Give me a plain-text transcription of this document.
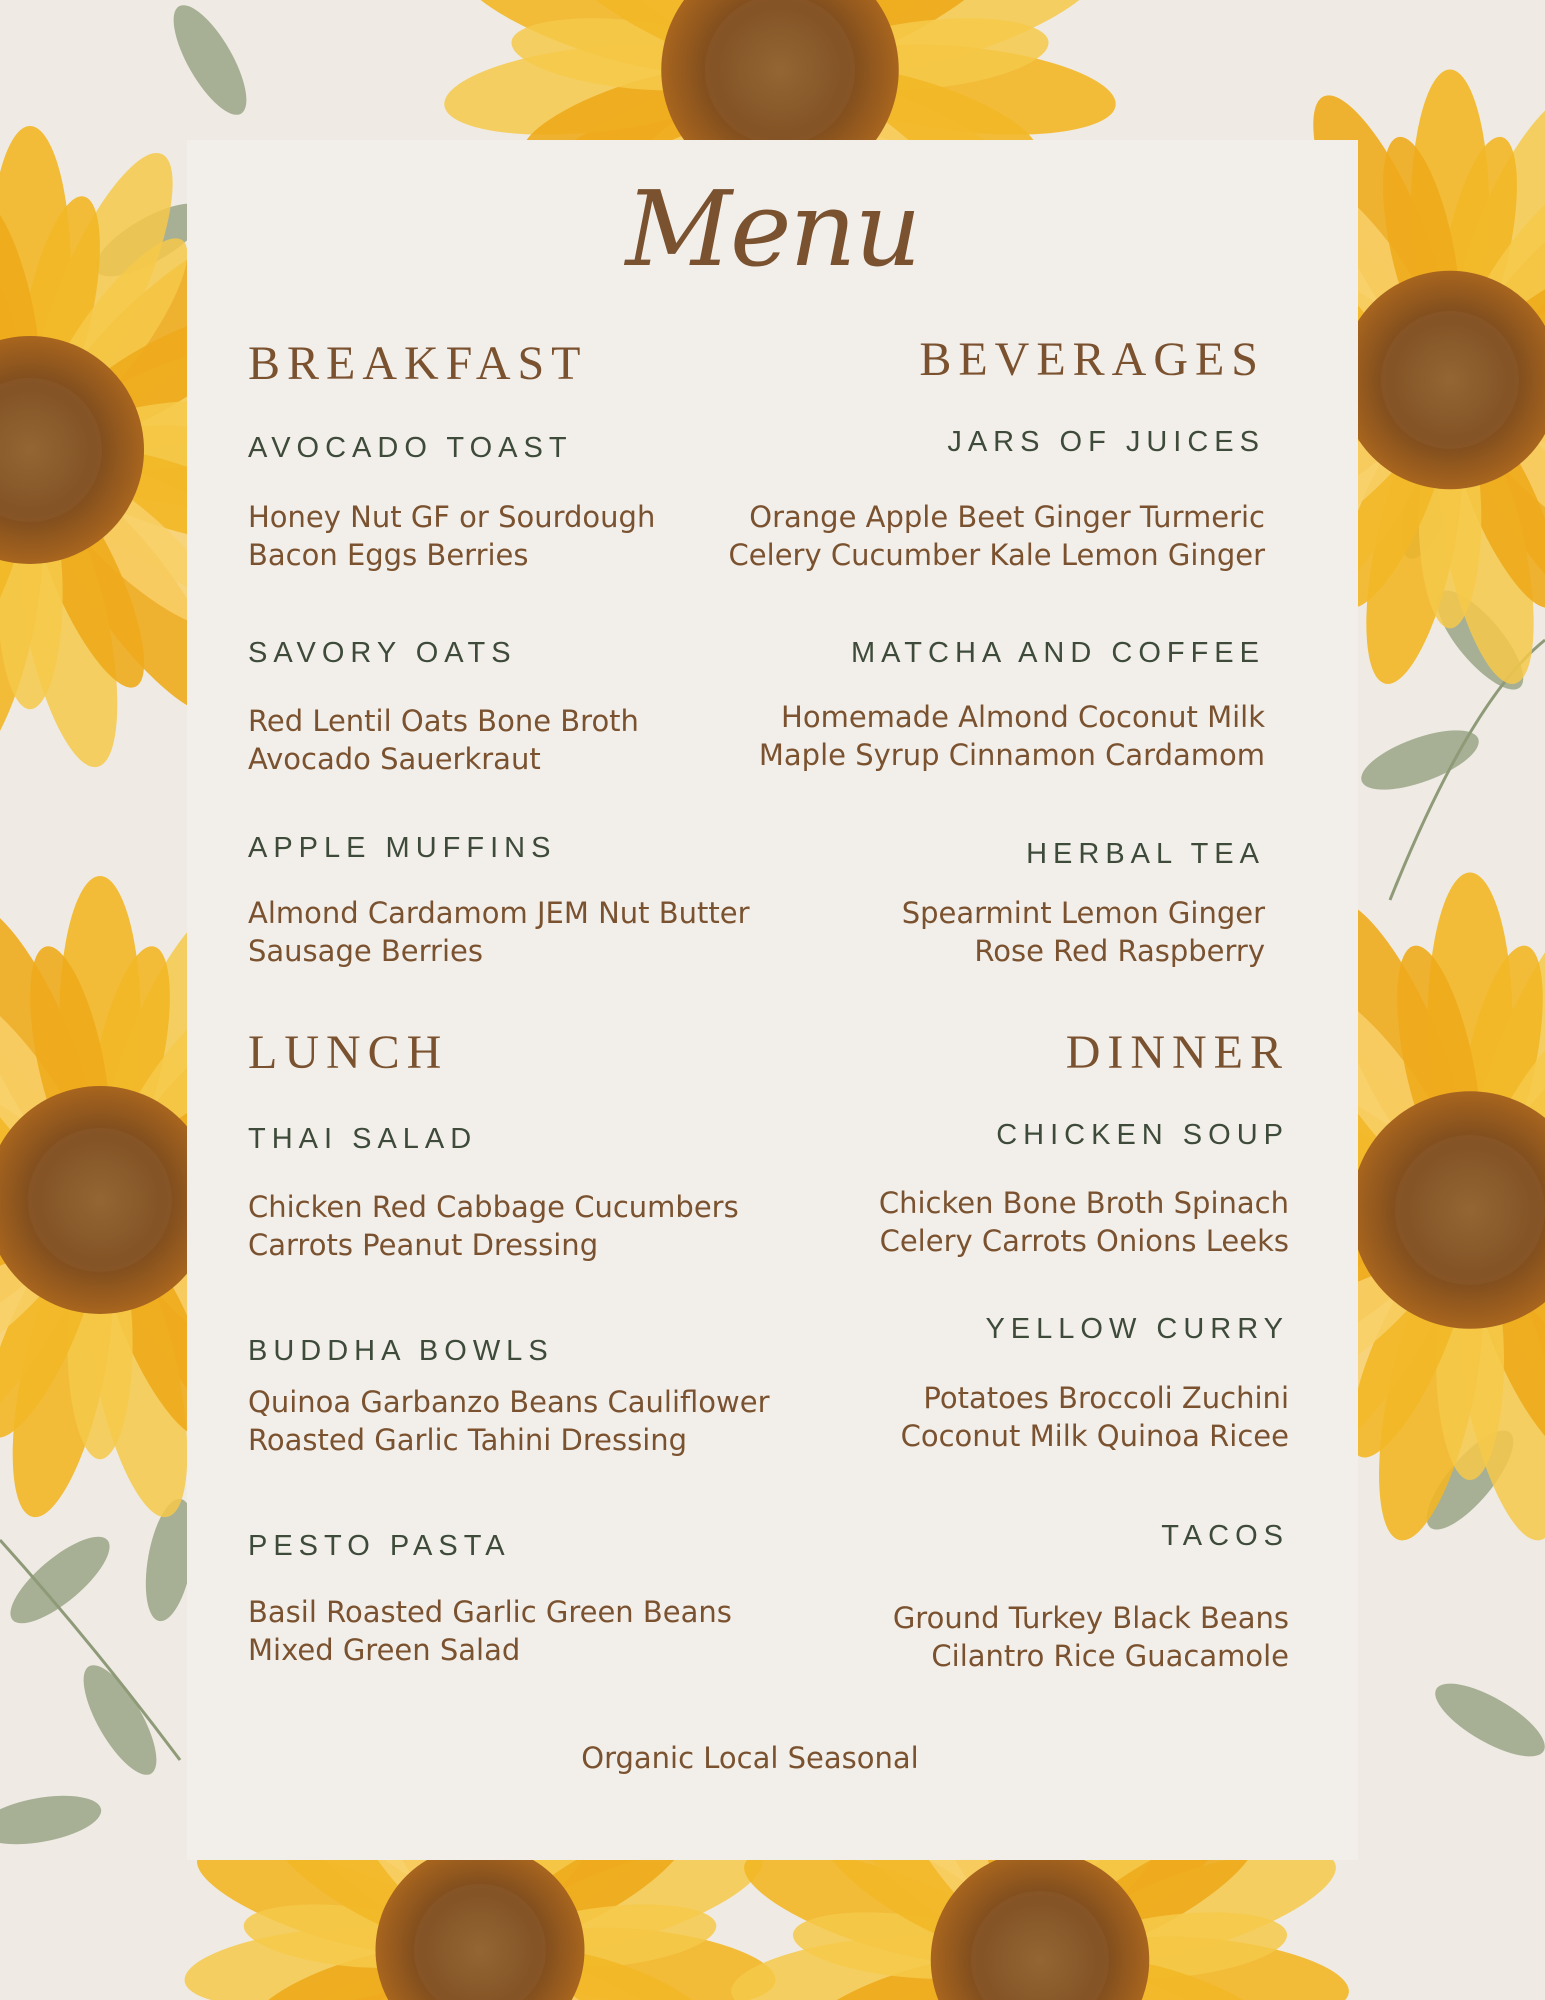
Menu
BREAKFAST
AVOCADO TOAST
Honey Nut GF or Sourdough
Bacon Eggs Berries
SAVORY OATS
Red Lentil Oats Bone Broth
Avocado Sauerkraut
APPLE MUFFINS
Almond Cardamom JEM Nut Butter
Sausage Berries
BEVERAGES
JARS OF JUICES
Orange Apple Beet Ginger Turmeric
Celery Cucumber Kale Lemon Ginger
MATCHA AND COFFEE
Homemade Almond Coconut Milk
Maple Syrup Cinnamon Cardamom
HERBAL TEA
Spearmint Lemon Ginger
Rose Red Raspberry
LUNCH
THAI SALAD
Chicken Red Cabbage Cucumbers
Carrots Peanut Dressing
BUDDHA BOWLS
Quinoa Garbanzo Beans Cauliflower
Roasted Garlic Tahini Dressing
PESTO PASTA
Basil Roasted Garlic Green Beans
Mixed Green Salad
DINNER
CHICKEN SOUP
Chicken Bone Broth Spinach
Celery Carrots Onions Leeks
YELLOW CURRY
Potatoes Broccoli Zuchini
Coconut Milk Quinoa Ricee
TACOS
Ground Turkey Black Beans
Cilantro Rice Guacamole
Organic Local Seasonal
